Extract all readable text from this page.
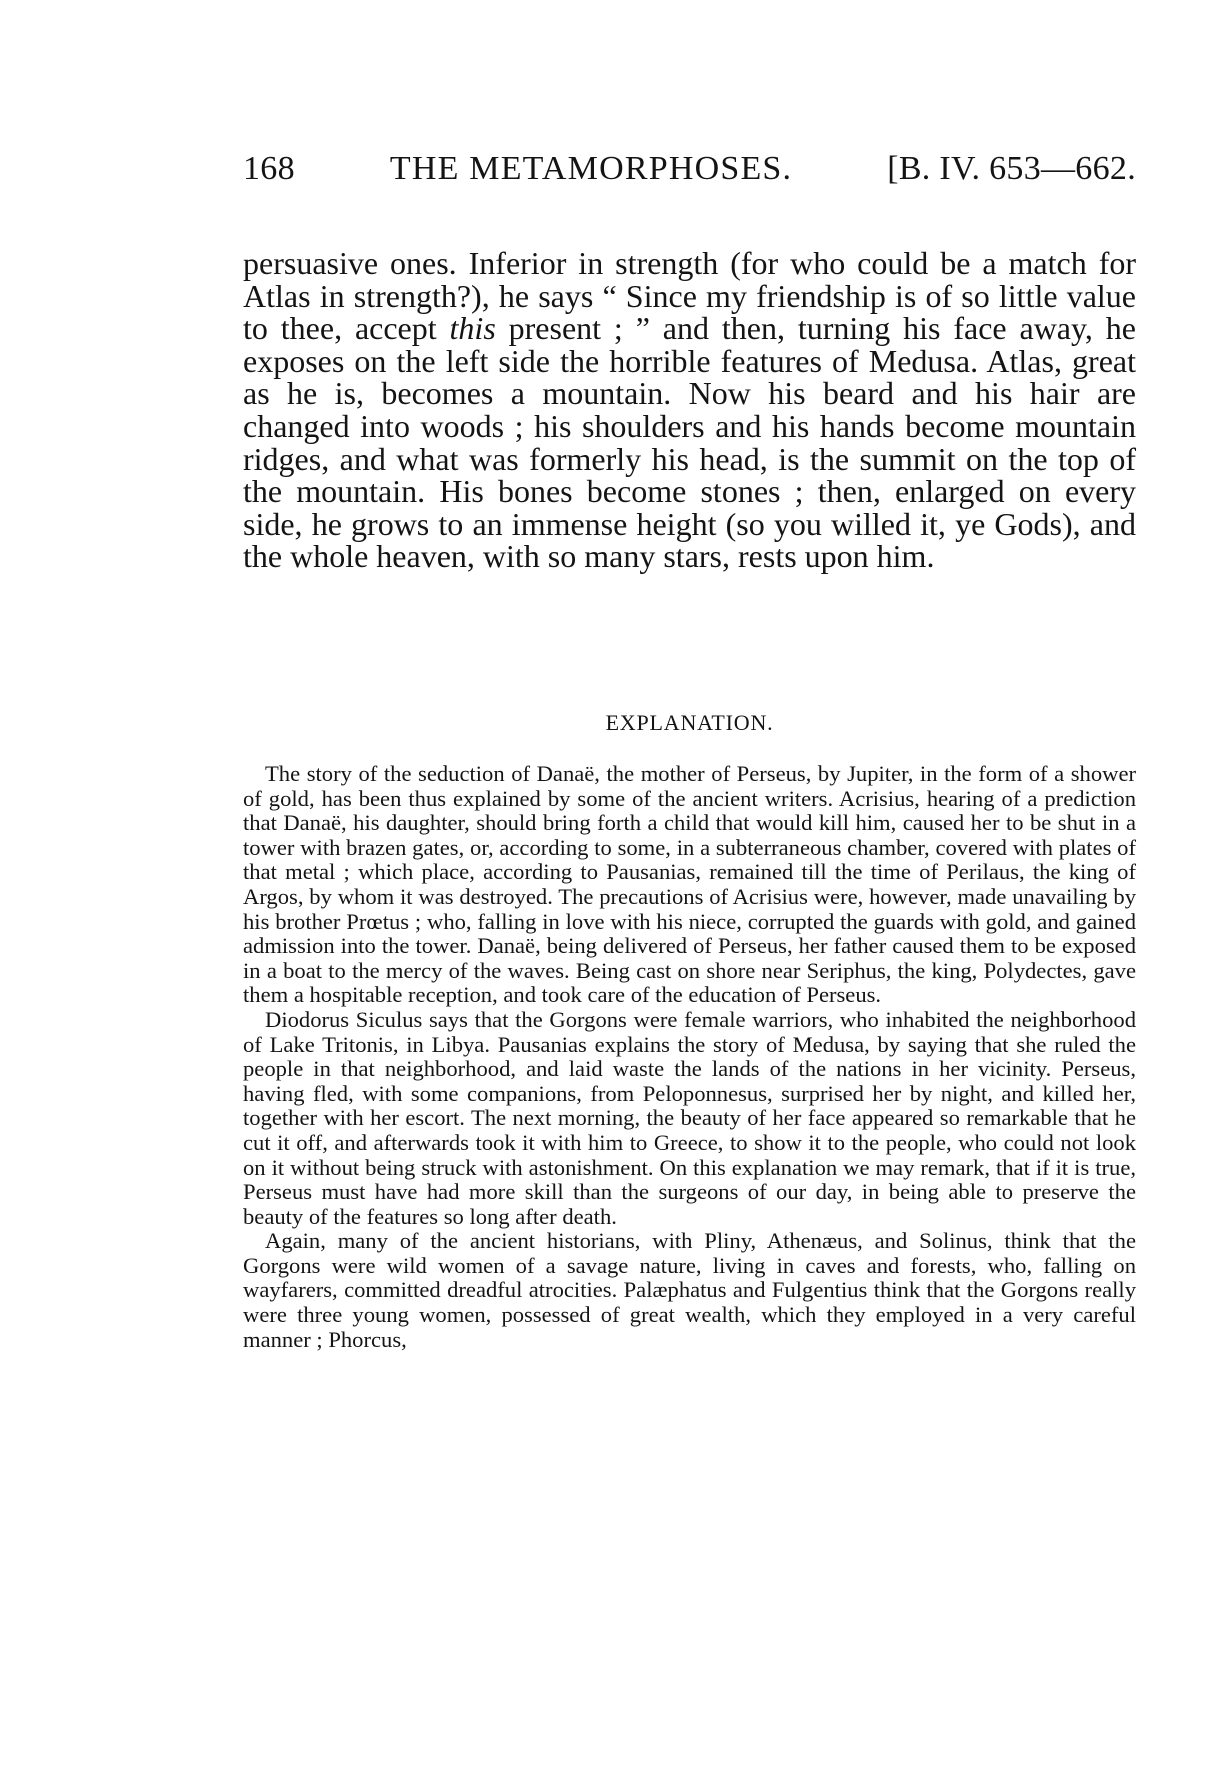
168	THE METAMORPHOSES.	[B. IV. 653—662.

persuasive ones. Inferior in strength (for who could be a match for Atlas in strength?), he says “ Since my friendship is of so little value to thee, accept this present ; ” and then, turning his face away, he exposes on the left side the horrible features of Medusa. Atlas, great as he is, becomes a mountain. Now his beard and his hair are changed into woods ; his shoulders and his hands become mountain ridges, and what was formerly his head, is the summit on the top of the mountain. His bones become stones ; then, enlarged on every side, he grows to an immense height (so you willed it, ye Gods), and the whole heaven, with so many stars, rests upon him.

EXPLANATION.

The story of the seduction of Danaë, the mother of Perseus, by Jupiter, in the form of a shower of gold, has been thus explained by some of the ancient writers. Acrisius, hearing of a prediction that Danaë, his daughter, should bring forth a child that would kill him, caused her to be shut in a tower with brazen gates, or, according to some, in a subterraneous chamber, covered with plates of that metal ; which place, according to Pausanias, remained till the time of Perilaus, the king of Argos, by whom it was destroyed. The precautions of Acrisius were, however, made unavailing by his brother Prœtus ; who, falling in love with his niece, corrupted the guards with gold, and gained admission into the tower. Danaë, being delivered of Perseus, her father caused them to be exposed in a boat to the mercy of the waves. Being cast on shore near Seriphus, the king, Polydectes, gave them a hospitable reception, and took care of the education of Perseus.

Diodorus Siculus says that the Gorgons were female warriors, who inhabited the neighborhood of Lake Tritonis, in Libya. Pausanias explains the story of Medusa, by saying that she ruled the people in that neighborhood, and laid waste the lands of the nations in her vicinity. Perseus, having fled, with some companions, from Peloponnesus, surprised her by night, and killed her, together with her escort. The next morning, the beauty of her face appeared so remarkable that he cut it off, and afterwards took it with him to Greece, to show it to the people, who could not look on it without being struck with astonishment. On this explanation we may remark, that if it is true, Perseus must have had more skill than the surgeons of our day, in being able to preserve the beauty of the features so long after death.

Again, many of the ancient historians, with Pliny, Athenæus, and Solinus, think that the Gorgons were wild women of a savage nature, living in caves and forests, who, falling on wayfarers, committed dreadful atrocities. Palæphatus and Fulgentius think that the Gorgons really were three young women, possessed of great wealth, which they employed in a very careful manner ; Phorcus,
